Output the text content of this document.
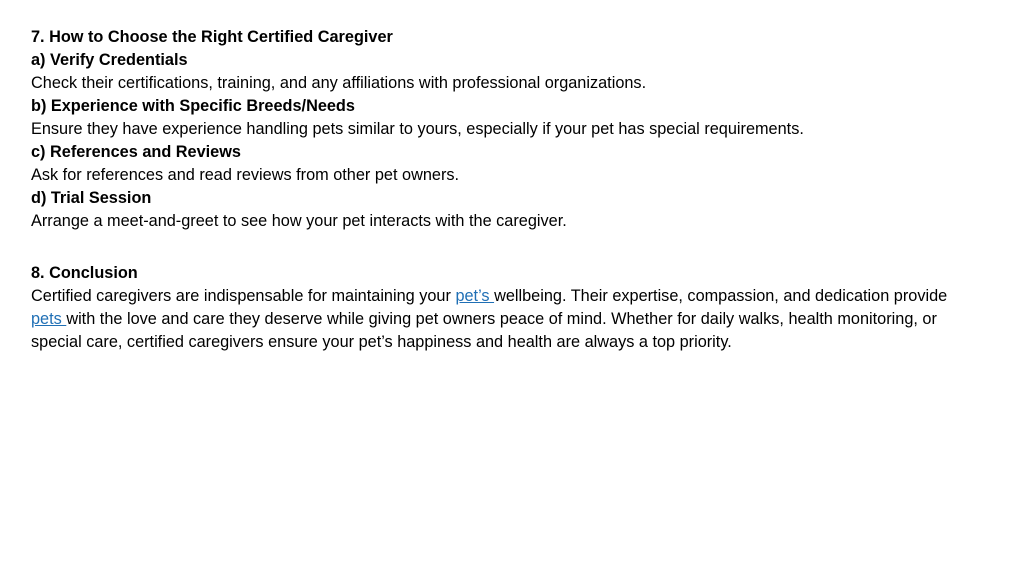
7. How to Choose the Right Certified Caregiver
a) Verify Credentials
Check their certifications, training, and any affiliations with professional organizations.
b) Experience with Specific Breeds/Needs
Ensure they have experience handling pets similar to yours, especially if your pet has special requirements.
c) References and Reviews
Ask for references and read reviews from other pet owners.
d) Trial Session
Arrange a meet-and-greet to see how your pet interacts with the caregiver.
8. Conclusion
Certified caregivers are indispensable for maintaining your pet’s wellbeing. Their expertise, compassion, and dedication provide pets with the love and care they deserve while giving pet owners peace of mind. Whether for daily walks, health monitoring, or special care, certified caregivers ensure your pet’s happiness and health are always a top priority.
